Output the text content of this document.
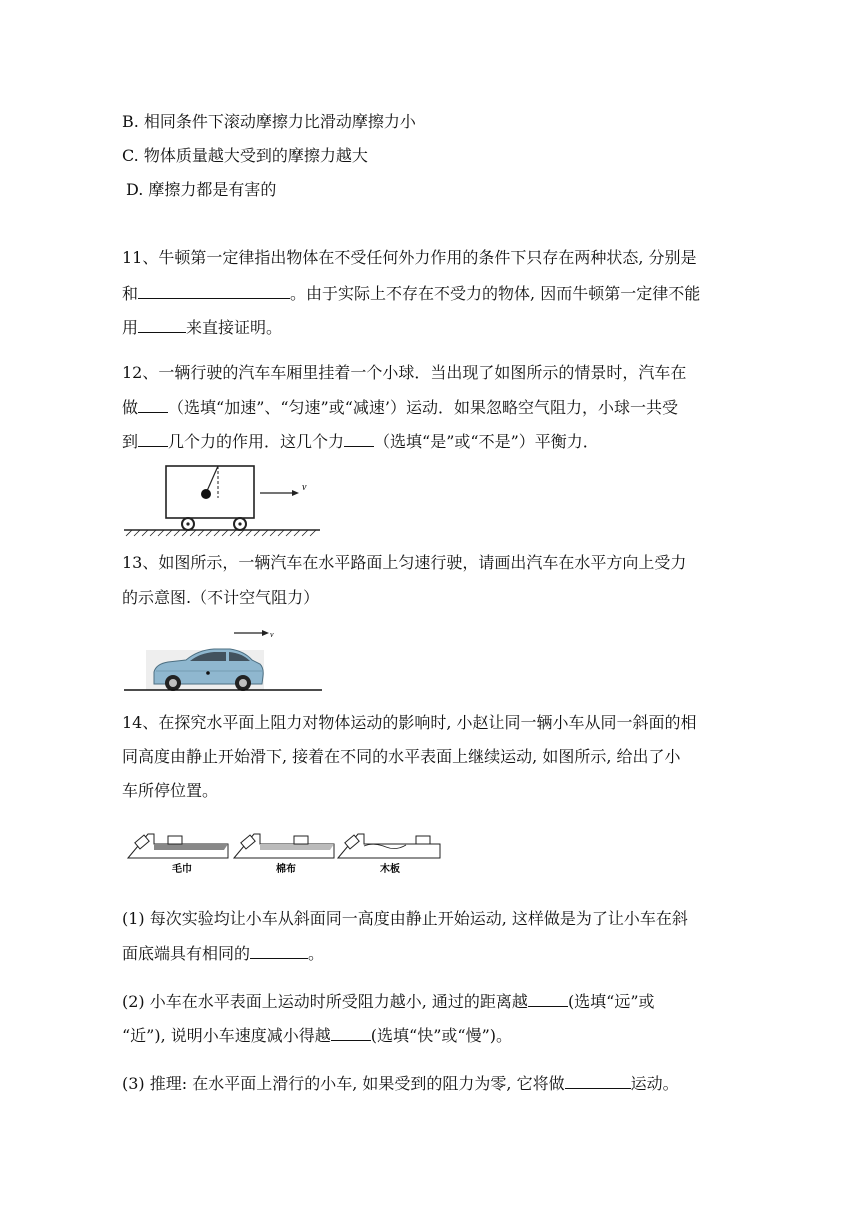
B. 相同条件下滚动摩擦力比滑动摩擦力小
C. 物体质量越大受到的摩擦力越大
D. 摩擦力都是有害的
11、牛顿第一定律指出物体在不受任何外力作用的条件下只存在两种状态, 分别是
和	。由于实际上不存在不受力的物体, 因而牛顿第一定律不能
用	来直接证明。
12、一辆行驶的汽车车厢里挂着一个小球．当出现了如图所示的情景时，汽车在
做 （选填“加速”、“匀速”或“减速’）运动．如果忽略空气阻力，小球一共受
到 几个力的作用．这几个力 （选填“是”或“不是”）平衡力．
v
13、如图所示，一辆汽车在水平路面上匀速行驶，请画出汽车在水平方向上受力
的示意图.（不计空气阻力）
v
14、在探究水平面上阻力对物体运动的影响时, 小赵让同一辆小车从同一斜面的相
同高度由静止开始滑下, 接着在不同的水平表面上继续运动, 如图所示, 给出了小
车所停位置。
毛巾	棉布	木板
(1) 每次实验均让小车从斜面同一高度由静止开始运动, 这样做是为了让小车在斜
面底端具有相同的	。
(2) 小车在水平表面上运动时所受阻力越小, 通过的距离越	(选填“远”或
“近”), 说明小车速度减小得越	(选填“快”或“慢”)。
(3) 推理: 在水平面上滑行的小车, 如果受到的阻力为零, 它将做	运动。
